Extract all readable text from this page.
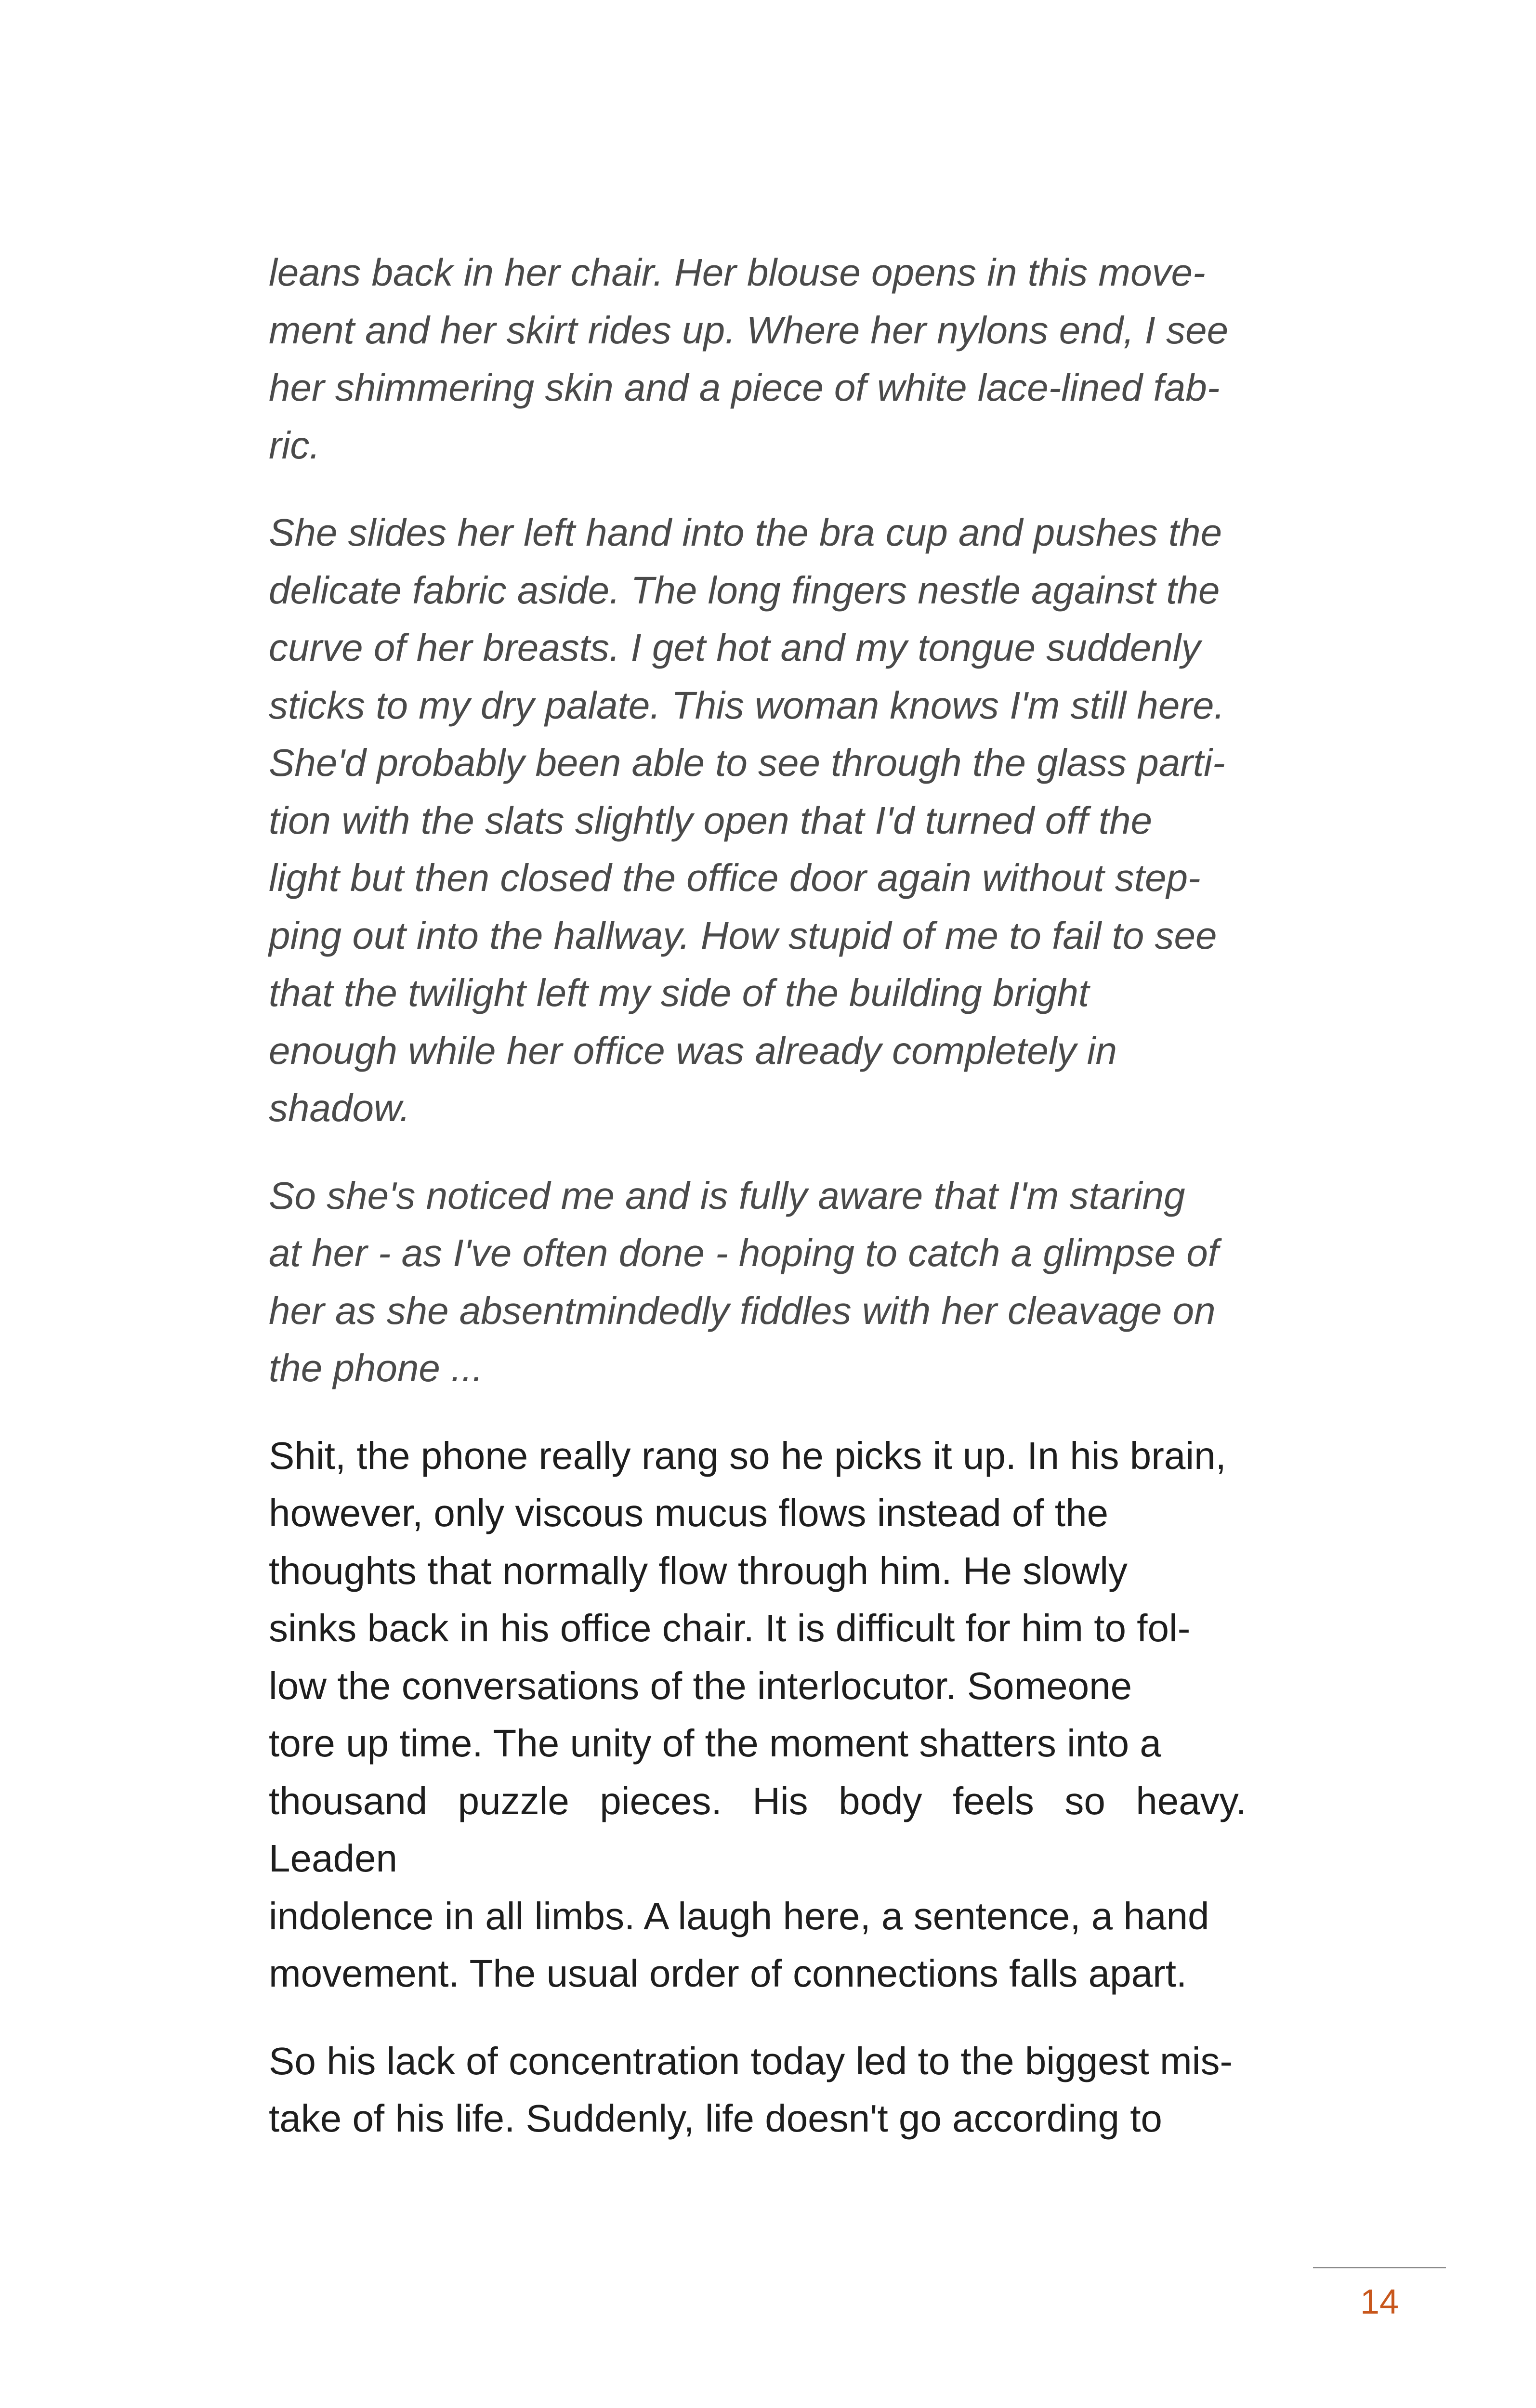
leans back in her chair. Her blouse opens in this move-
ment and her skirt rides up. Where her nylons end, I see
her shimmering skin and a piece of white lace-lined fab-
ric.

She slides her left hand into the bra cup and pushes the
delicate fabric aside. The long fingers nestle against the
curve of her breasts. I get hot and my tongue suddenly
sticks to my dry palate. This woman knows I'm still here.
She'd probably been able to see through the glass parti-
tion with the slats slightly open that I'd turned off the
light but then closed the office door again without step-
ping out into the hallway. How stupid of me to fail to see
that the twilight left my side of the building bright
enough while her office was already completely in
shadow.

So she's noticed me and is fully aware that I'm staring
at her - as I've often done - hoping to catch a glimpse of
her as she absentmindedly fiddles with her cleavage on
the phone ...

Shit, the phone really rang so he picks it up. In his brain,
however, only viscous mucus flows instead of the
thoughts that normally flow through him. He slowly
sinks back in his office chair. It is difficult for him to fol-
low the conversations of the interlocutor. Someone
tore up time. The unity of the moment shatters into a
thousand puzzle pieces. His body feels so heavy. Leaden
indolence in all limbs. A laugh here, a sentence, a hand
movement. The usual order of connections falls apart.

So his lack of concentration today led to the biggest mis-
take of his life. Suddenly, life doesn't go according to

14
